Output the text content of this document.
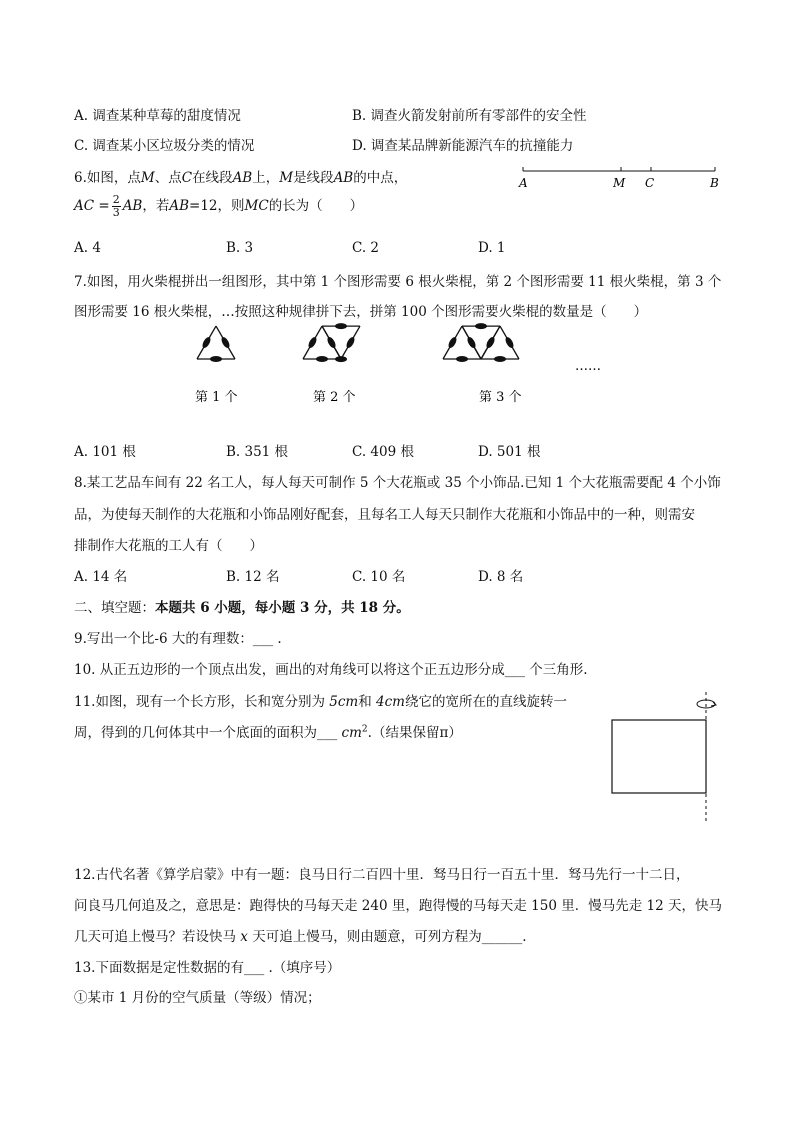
A. 调查某种草莓的甜度情况	B. 调查火箭发射前所有零部件的安全性
C. 调查某小区垃圾分类的情况	D. 调查某品牌新能源汽车的抗撞能力
6.如图，点M、点C在线段AB上，M是线段AB的中点，
AC = $\frac{2}{3}$ AB，若AB=12，则MC的长为（　　）
A	M C	B
A. 4	B. 3	C. 2	D. 1
7.如图，用火柴棍拼出一组图形，其中第 1 个图形需要 6 根火柴棍，第 2 个图形需要 11 根火柴棍，第 3 个
图形需要 16 根火柴棍，…按照这种规律拼下去，拼第 100 个图形需要火柴棍的数量是（　　）
第 1 个	第 2 个	第 3 个
……
A. 101 根	B. 351 根	C. 409 根	D. 501 根
8.某工艺品车间有 22 名工人，每人每天可制作 5 个大花瓶或 35 个小饰品.已知 1 个大花瓶需要配 4 个小饰
品，为使每天制作的大花瓶和小饰品刚好配套，且每名工人每天只制作大花瓶和小饰品中的一种，则需安
排制作大花瓶的工人有（　　）
A. 14 名	B. 12 名	C. 10 名	D. 8 名
二、填空题：本题共 6 小题，每小题 3 分，共 18 分。
9.写出一个比-6 大的有理数：___ .
10. 从正五边形的一个顶点出发，画出的对角线可以将这个正五边形分成___ 个三角形.
11.如图，现有一个长方形，长和宽分别为 5cm和 4cm绕它的宽所在的直线旋转一
周，得到的几何体其中一个底面的面积为___ $cm^2$.（结果保留π）
12.古代名著《算学启蒙》中有一题：良马日行二百四十里．驽马日行一百五十里．驽马先行一十二日，
问良马几何追及之，意思是：跑得快的马每天走 240 里，跑得慢的马每天走 150 里．慢马先走 12 天，快马
几天可追上慢马？若设快马 x 天可追上慢马，则由题意，可列方程为______.
13.下面数据是定性数据的有___ .（填序号）
①某市 1 月份的空气质量（等级）情况；
